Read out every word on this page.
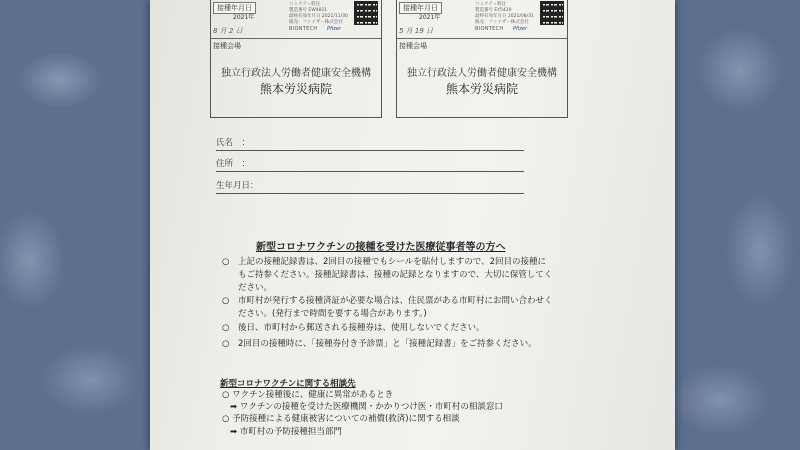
接種年月日
2021年
8 月 2 日
コミナティ筋注
製造番号 EW4811
最終有効年月日 2021/11/30
販売：ファイザー株式会社
BIONTECH Pfizer
接種会場
独立行政法人労働者健康安全機構
熊本労災病院
接種年月日
2021年
5 月 19 日
コミナティ筋注
製造番号 EY5420
最終有効年月日 2021/08/31
販売：ファイザー株式会社
BIONTECH Pfizer
接種会場
独立行政法人労働者健康安全機構
熊本労災病院
氏名　：
住所　：
生年月日：
新型コロナワクチンの接種を受けた医療従事者等の方へ
○	上記の接種記録書は、2回目の接種でもシールを貼付しますので、2回目の接種にもご持参ください。接種記録書は、接種の記録となりますので、大切に保管してください。
○	市町村が発行する接種済証が必要な場合は、住民票がある市町村にお問い合わせください。(発行まで時間を要する場合があります。)
○	後日、市町村から郵送される接種券は、使用しないでください。
○	2回目の接種時に、「接種券付き予診票」と「接種記録書」をご持参ください。
新型コロナワクチンに関する相談先
○ ワクチン接種後に、健康に異常があるとき
➡ ワクチンの接種を受けた医療機関・かかりつけ医・市町村の相談窓口
○ 予防接種による健康被害についての補償(救済)に関する相談
➡ 市町村の予防接種担当部門
